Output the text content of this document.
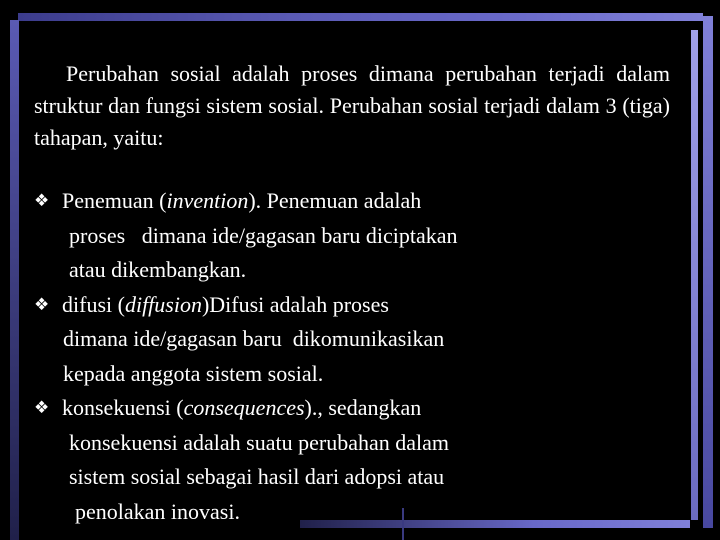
Perubahan sosial adalah proses dimana perubahan terjadi dalam struktur dan fungsi sistem sosial. Perubahan sosial terjadi dalam 3 (tiga) tahapan, yaitu:

❖ Penemuan (invention). Penemuan adalah

proses   dimana ide/gagasan baru diciptakan

atau dikembangkan.

❖ difusi (diffusion)Difusi adalah proses

dimana ide/gagasan baru  dikomunikasikan

kepada anggota sistem sosial.

❖ konsekuensi (consequences)., sedangkan

konsekuensi adalah suatu perubahan dalam

sistem sosial sebagai hasil dari adopsi atau

penolakan inovasi.
